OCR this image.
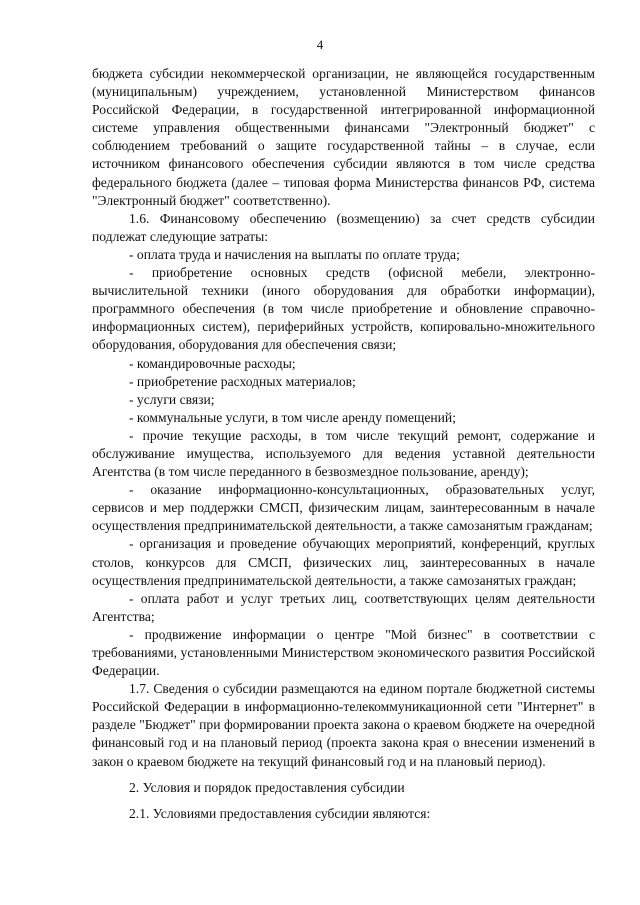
4

бюджета субсидии некоммерческой организации, не являющейся государственным (муниципальным) учреждением, установленной Министерством финансов Российской Федерации, в государственной интегрированной информационной системе управления общественными финансами "Электронный бюджет" с соблюдением требований о защите государственной тайны – в случае, если источником финансового обеспечения субсидии являются в том числе средства федерального бюджета (далее – типовая форма Министерства финансов РФ, система "Электронный бюджет" соответственно).

1.6. Финансовому обеспечению (возмещению) за счет средств субсидии подлежат следующие затраты:

- оплата труда и начисления на выплаты по оплате труда;

- приобретение основных средств (офисной мебели, электронно-вычислительной техники (иного оборудования для обработки информации), программного обеспечения (в том числе приобретение и обновление справочно-информационных систем), периферийных устройств, копировально-множительного оборудования, оборудования для обеспечения связи;

- командировочные расходы;

- приобретение расходных материалов;

- услуги связи;

- коммунальные услуги, в том числе аренду помещений;

- прочие текущие расходы, в том числе текущий ремонт, содержание и обслуживание имущества, используемого для ведения уставной деятельности Агентства (в том числе переданного в безвозмездное пользование, аренду);

- оказание информационно-консультационных, образовательных услуг, сервисов и мер поддержки СМСП, физическим лицам, заинтересованным в начале осуществления предпринимательской деятельности, а также самозанятым гражданам;

- организация и проведение обучающих мероприятий, конференций, круглых столов, конкурсов для СМСП, физических лиц, заинтересованных в начале осуществления предпринимательской деятельности, а также самозанятых граждан;

- оплата работ и услуг третьих лиц, соответствующих целям деятельности Агентства;

- продвижение информации о центре "Мой бизнес" в соответствии с требованиями, установленными Министерством экономического развития Российской Федерации.

1.7. Сведения о субсидии размещаются на едином портале бюджетной системы Российской Федерации в информационно-телекоммуникационной сети "Интернет" в разделе "Бюджет" при формировании проекта закона о краевом бюджете на очередной финансовый год и на плановый период (проекта закона края о внесении изменений в закон о краевом бюджете на текущий финансовый год и на плановый период).

2. Условия и порядок предоставления субсидии

2.1. Условиями предоставления субсидии являются:
